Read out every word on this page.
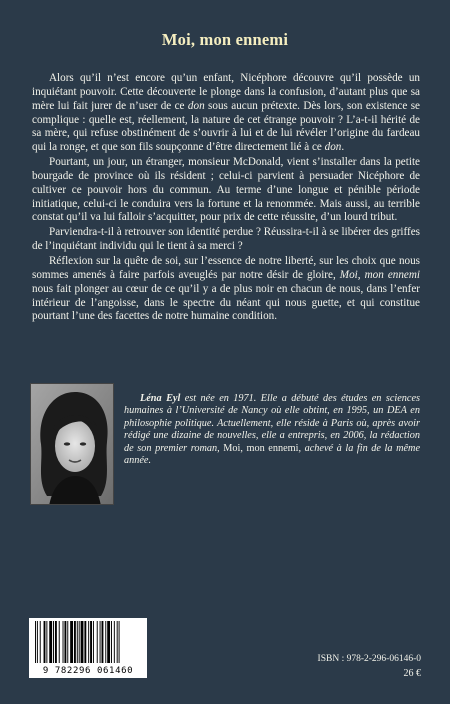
Moi, mon ennemi

Alors qu’il n’est encore qu’un enfant, Nicéphore découvre qu’il possède un inquiétant pouvoir. Cette découverte le plonge dans la confusion, d’autant plus que sa mère lui fait jurer de n’user de ce don sous aucun prétexte. Dès lors, son existence se complique : quelle est, réellement, la nature de cet étrange pouvoir ? L’a-t-il hérité de sa mère, qui refuse obstinément de s’ouvrir à lui et de lui révéler l’origine du fardeau qui la ronge, et que son fils soupçonne d’être directement lié à ce don.

Pourtant, un jour, un étranger, monsieur McDonald, vient s’installer dans la petite bourgade de province où ils résident ; celui-ci parvient à persuader Nicéphore de cultiver ce pouvoir hors du commun. Au terme d’une longue et pénible période initiatique, celui-ci le conduira vers la fortune et la renommée. Mais aussi, au terrible constat qu’il va lui falloir s’acquitter, pour prix de cette réussite, d’un lourd tribut.

Parviendra-t-il à retrouver son identité perdue ? Réussira-t-il à se libérer des griffes de l’inquiétant individu qui le tient à sa merci ?

Réflexion sur la quête de soi, sur l’essence de notre liberté, sur les choix que nous sommes amenés à faire parfois aveuglés par notre désir de gloire, Moi, mon ennemi nous fait plonger au cœur de ce qu’il y a de plus noir en chacun de nous, dans l’enfer intérieur de l’angoisse, dans le spectre du néant qui nous guette, et qui constitue pourtant l’une des facettes de notre humaine condition.

Léna Eyl est née en 1971. Elle a débuté des études en sciences humaines à l’Université de Nancy où elle obtint, en 1995, un DEA en philosophie politique. Actuellement, elle réside à Paris où, après avoir rédigé une dizaine de nouvelles, elle a entrepris, en 2006, la rédaction de son premier roman, Moi, mon ennemi, achevé à la fin de la même année.
9 782296 061460
ISBN : 978-2-296-06146-0
26 €
